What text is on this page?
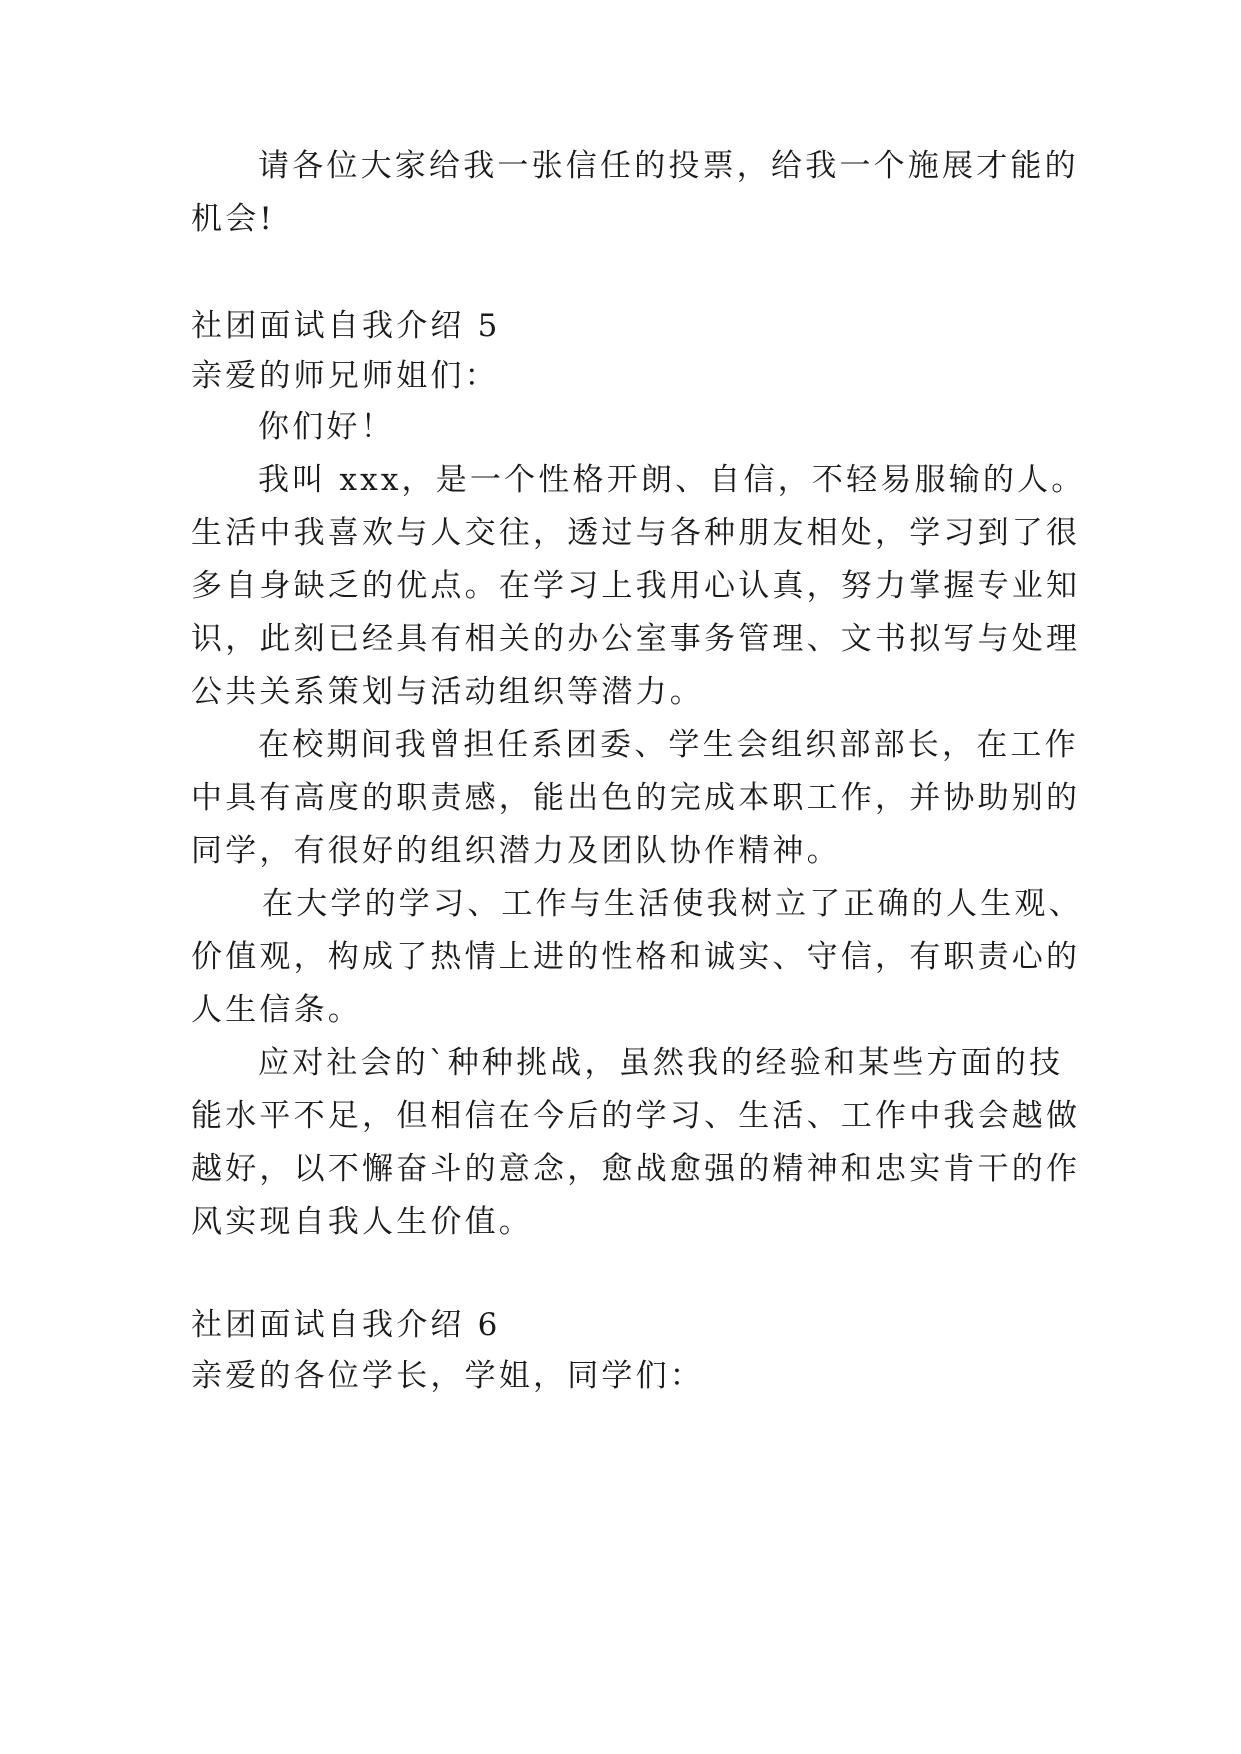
请各位大家给我一张信任的投票，给我一个施展才能的
机会!
社团面试自我介绍 5
亲爱的师兄师姐们：
你们好！
我叫 xxx，是一个性格开朗、自信，不轻易服输的人。
生活中我喜欢与人交往，透过与各种朋友相处，学习到了很
多自身缺乏的优点。在学习上我用心认真，努力掌握专业知
识，此刻已经具有相关的办公室事务管理、文书拟写与处理
公共关系策划与活动组织等潜力。
在校期间我曾担任系团委、学生会组织部部长，在工作
中具有高度的职责感，能出色的完成本职工作，并协助别的
同学，有很好的组织潜力及团队协作精神。
在大学的学习、工作与生活使我树立了正确的人生观、
价值观，构成了热情上进的性格和诚实、守信，有职责心的
人生信条。
应对社会的`种种挑战，虽然我的经验和某些方面的技
能水平不足，但相信在今后的学习、生活、工作中我会越做
越好，以不懈奋斗的意念，愈战愈强的精神和忠实肯干的作
风实现自我人生价值。
社团面试自我介绍 6
亲爱的各位学长，学姐，同学们：
